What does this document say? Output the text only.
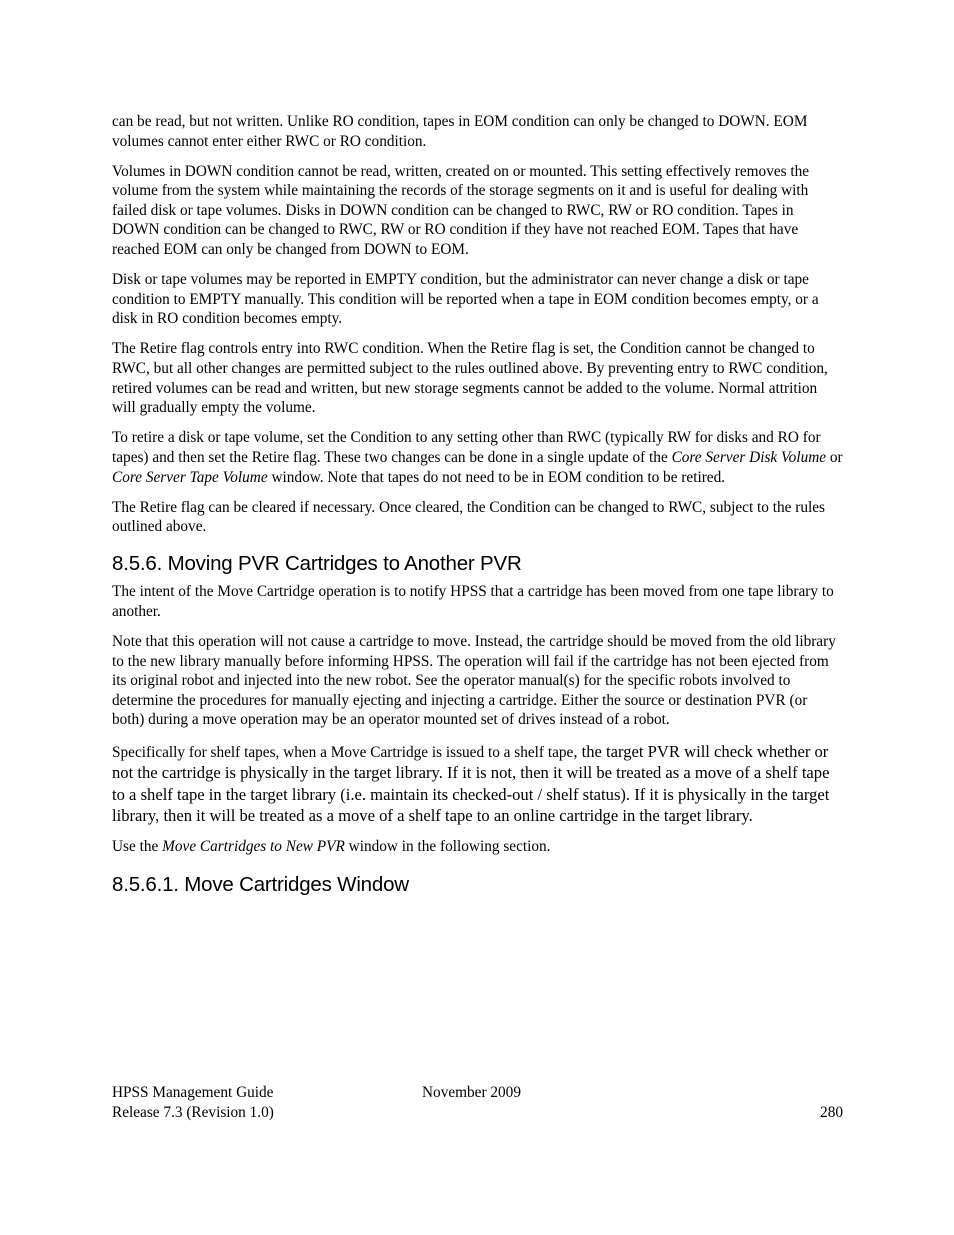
can be read, but not written. Unlike RO condition, tapes in EOM condition can only be changed to DOWN. EOM volumes cannot enter either RWC or RO condition.

Volumes in DOWN condition cannot be read, written, created on or mounted. This setting effectively removes the volume from the system while maintaining the records of the storage segments on it and is useful for dealing with failed disk or tape volumes. Disks in DOWN condition can be changed to RWC, RW or RO condition. Tapes in DOWN condition can be changed to RWC, RW or RO condition if they have not reached EOM. Tapes that have reached EOM can only be changed from DOWN to EOM.

Disk or tape volumes may be reported in EMPTY condition, but the administrator can never change a disk or tape condition to EMPTY manually. This condition will be reported when a tape in EOM condition becomes empty, or a disk in RO condition becomes empty.

The Retire flag controls entry into RWC condition. When the Retire flag is set, the Condition cannot be changed to RWC, but all other changes are permitted subject to the rules outlined above. By preventing entry to RWC condition, retired volumes can be read and written, but new storage segments cannot be added to the volume. Normal attrition will gradually empty the volume.

To retire a disk or tape volume, set the Condition to any setting other than RWC (typically RW for disks and RO for tapes) and then set the Retire flag. These two changes can be done in a single update of the Core Server Disk Volume or Core Server Tape Volume window. Note that tapes do not need to be in EOM condition to be retired.

The Retire flag can be cleared if necessary. Once cleared, the Condition can be changed to RWC, subject to the rules outlined above.

8.5.6. Moving PVR Cartridges to Another PVR

The intent of the Move Cartridge operation is to notify HPSS that a cartridge has been moved from one tape library to another.

Note that this operation will not cause a cartridge to move. Instead, the cartridge should be moved from the old library to the new library manually before informing HPSS. The operation will fail if the cartridge has not been ejected from its original robot and injected into the new robot. See the operator manual(s) for the specific robots involved to determine the procedures for manually ejecting and injecting a cartridge. Either the source or destination PVR (or both) during a move operation may be an operator mounted set of drives instead of a robot.

Specifically for shelf tapes, when a Move Cartridge is issued to a shelf tape, the target PVR will check whether or not the cartridge is physically in the target library. If it is not, then it will be treated as a move of a shelf tape to a shelf tape in the target library (i.e. maintain its checked-out / shelf status). If it is physically in the target library, then it will be treated as a move of a shelf tape to an online cartridge in the target library.

Use the Move Cartridges to New PVR window in the following section.

8.5.6.1. Move Cartridges Window
HPSS Management Guide	November 2009
Release 7.3 (Revision 1.0)	280
